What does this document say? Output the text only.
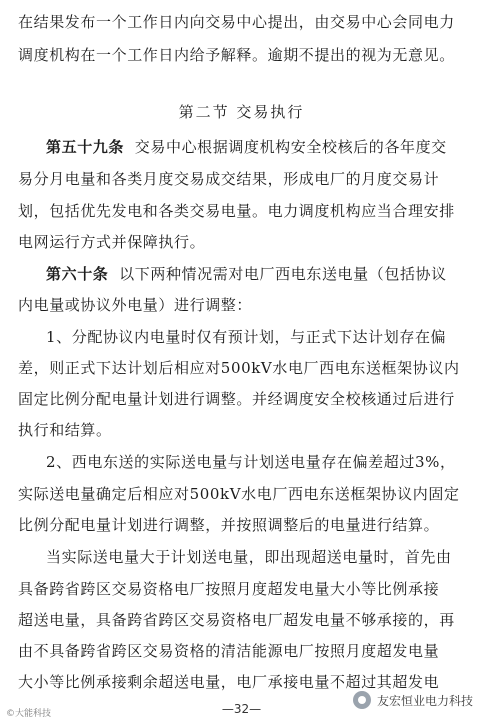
在结果发布一个工作日内向交易中心提出，由交易中心会同电力
调度机构在一个工作日内给予解释。逾期不提出的视为无意见。
第二节 交易执行
第五十九条 交易中心根据调度机构安全校核后的各年度交
易分月电量和各类月度交易成交结果，形成电厂的月度交易计
划，包括优先发电和各类交易电量。电力调度机构应当合理安排
电网运行方式并保障执行。
第六十条 以下两种情况需对电厂西电东送电量（包括协议
内电量或协议外电量）进行调整：
1、分配协议内电量时仅有预计划，与正式下达计划存在偏
差，则正式下达计划后相应对500kV水电厂西电东送框架协议内
固定比例分配电量计划进行调整。并经调度安全校核通过后进行
执行和结算。
2、西电东送的实际送电量与计划送电量存在偏差超过3%，
实际送电量确定后相应对500kV水电厂西电东送框架协议内固定
比例分配电量计划进行调整，并按照调整后的电量进行结算。
当实际送电量大于计划送电量，即出现超送电量时，首先由
具备跨省跨区交易资格电厂按照月度超发电量大小等比例承接
超送电量，具备跨省跨区交易资格电厂超发电量不够承接的，再
由不具备跨省跨区交易资格的清洁能源电厂按照月度超发电量
大小等比例承接剩余超送电量，电厂承接电量不超过其超发电
—32—
©大能科技
友宏恒业电力科技
